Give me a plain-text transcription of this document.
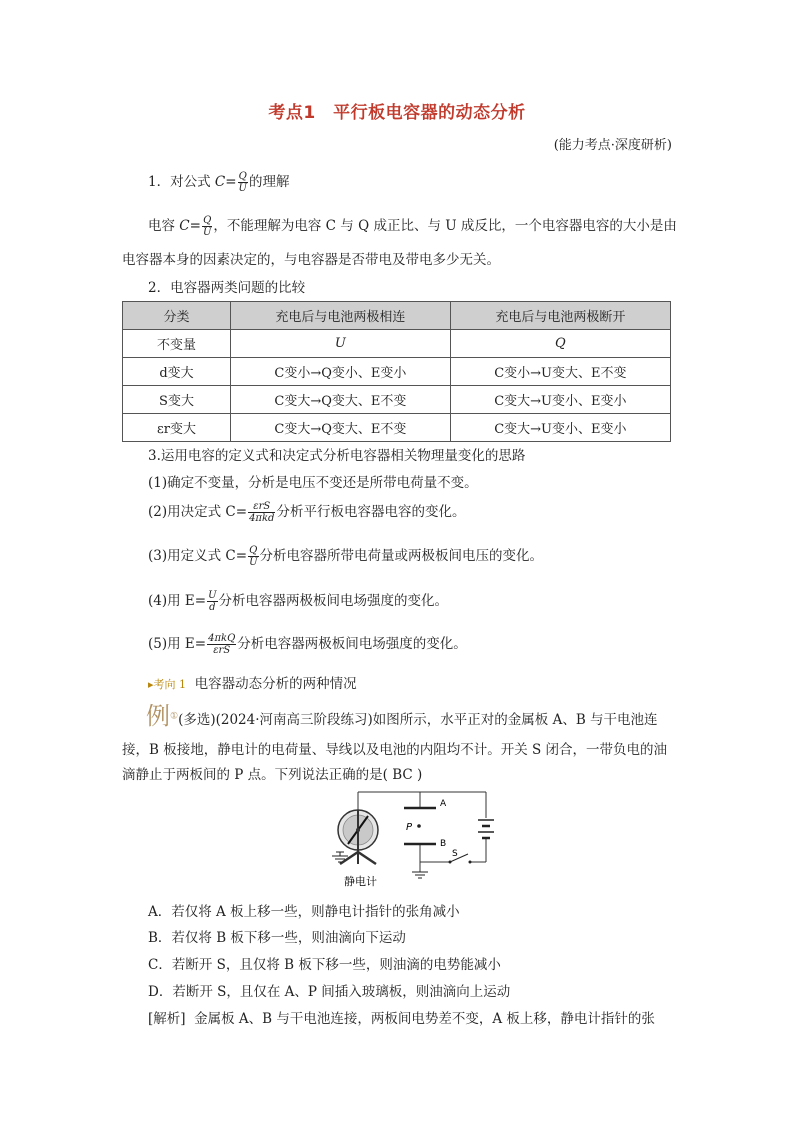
考点1　平行板电容器的动态分析
(能力考点·深度研析)
1．对公式 $C= \frac{Q}{U}$ 的理解
电容 $C= \frac{Q}{U}$ ，不能理解为电容 C 与 Q 成正比、与 U 成反比，一个电容器电容的大小是由
电容器本身的因素决定的，与电容器是否带电及带电多少无关。
2．电容器两类问题的比较
分类	充电后与电池两极相连	充电后与电池两极断开
不变量	U	Q
d变大	C变小→Q变小、E变小	C变小→U变大、E不变
S变大	C变大→Q变大、E不变	C变大→U变小、E变小
εr变大	C变大→Q变大、E不变	C变大→U变小、E变小
3.运用电容的定义式和决定式分析电容器相关物理量变化的思路
(1)确定不变量，分析是电压不变还是所带电荷量不变。
(2)用决定式 $C= \frac{\text{εrS}}{\text{4πkd}}$ 分析平行板电容器电容的变化。
(3)用定义式 $C= \frac{Q}{U}$ 分析电容器所带电荷量或两极板间电压的变化。
(4)用 $E= \frac{U}{d}$ 分析电容器两极板间电场强度的变化。
(5)用 $E= \frac{\text{4πkQ}}{\text{εrS}}$ 分析电容器两极板间电场强度的变化。
▸考向 1 电容器动态分析的两种情况
例①(多选)(2024·河南高三阶段练习)如图所示，水平正对的金属板 A、B 与干电池连
接，B 板接地，静电计的电荷量、导线以及电池的内阻均不计。开关 S 闭合，一带负电的油
滴静止于两板间的 P 点。下列说法正确的是( BC )
A
B
P
S
静电计
A．若仅将 A 板上移一些，则静电计指针的张角减小
B．若仅将 B 板下移一些，则油滴向下运动
C．若断开 S，且仅将 B 板下移一些，则油滴的电势能减小
D．若断开 S，且仅在 A、P 间插入玻璃板，则油滴向上运动
[解析] 金属板 A、B 与干电池连接，两板间电势差不变，A 板上移，静电计指针的张
